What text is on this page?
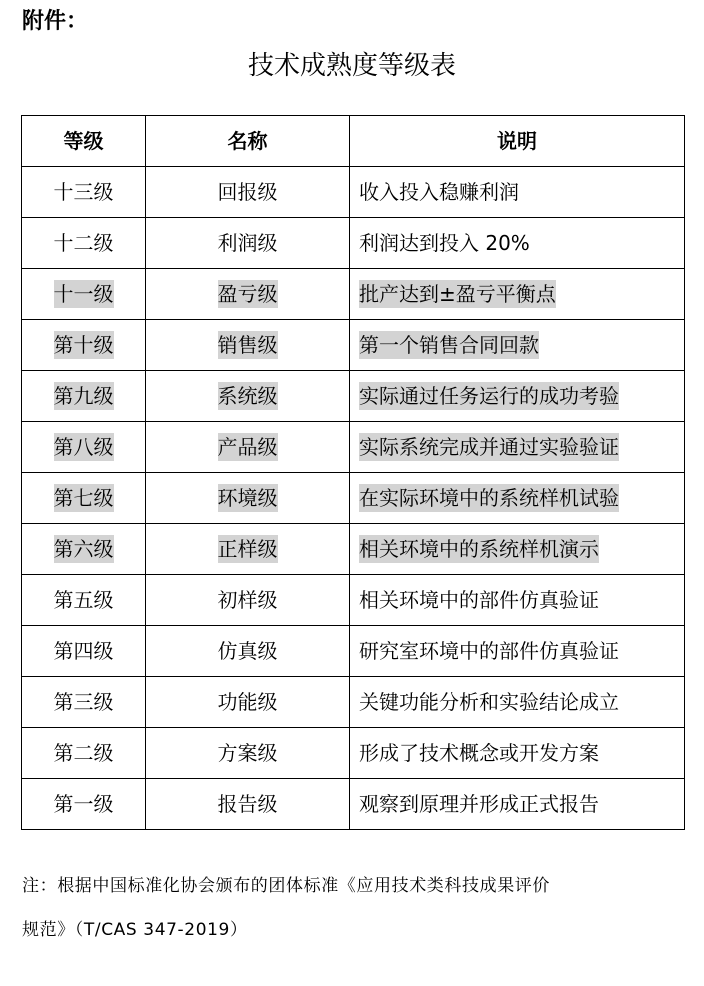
附件：
技术成熟度等级表
等级	名称	说明
十三级	回报级	收入投入稳赚利润
十二级	利润级	利润达到投入 20%
十一级	盈亏级	批产达到±盈亏平衡点
第十级	销售级	第一个销售合同回款
第九级	系统级	实际通过任务运行的成功考验
第八级	产品级	实际系统完成并通过实验验证
第七级	环境级	在实际环境中的系统样机试验
第六级	正样级	相关环境中的系统样机演示
第五级	初样级	相关环境中的部件仿真验证
第四级	仿真级	研究室环境中的部件仿真验证
第三级	功能级	关键功能分析和实验结论成立
第二级	方案级	形成了技术概念或开发方案
第一级	报告级	观察到原理并形成正式报告
注：根据中国标准化协会颁布的团体标准《应用技术类科技成果评价
规范》（T/CAS 347-2019）
